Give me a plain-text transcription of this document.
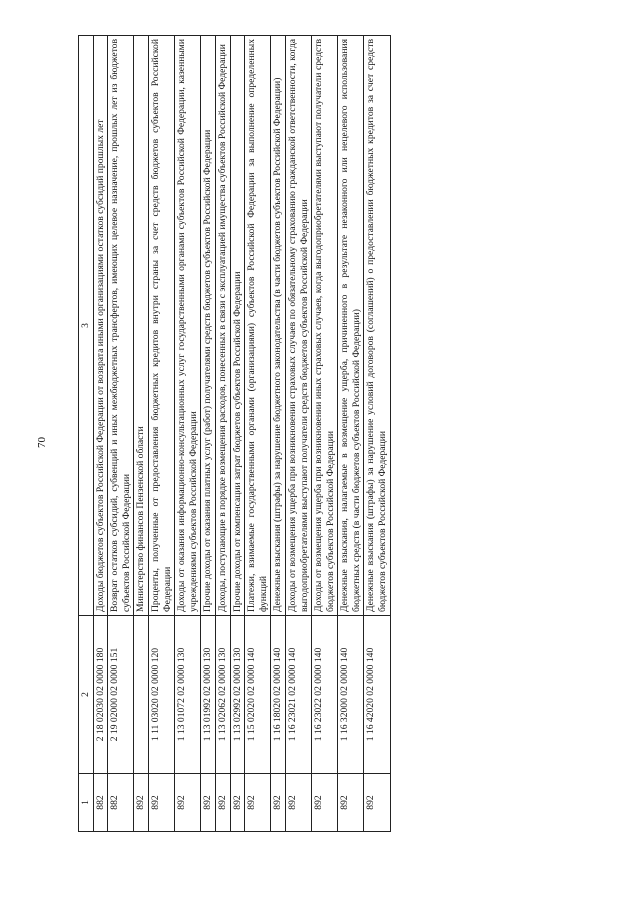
70
1	2	3
882	2 18 02030 02 0000 180	Доходы бюджетов субъектов Российской Федерации от возврата иными организациями остатков субсидий прошлых лет
882	2 19 02000 02 0000 151	Возврат остатков субсидий, субвенций и иных межбюджетных трансфертов, имеющих целевое назначение, прошлых лет из бюджетов субъектов Российской Федерации
892		Министерство финансов Пензенской области
892	1 11 03020 02 0000 120	Проценты, полученные от предоставления бюджетных кредитов внутри страны за счет средств бюджетов субъектов Российской Федерации
892	1 13 01072 02 0000 130	Доходы от оказания информационно-консультационных услуг государственными органами субъектов Российской Федерации, казенными учреждениями субъектов Российской Федерации
892	1 13 01992 02 0000 130	Прочие доходы от оказания платных услуг (работ) получателями средств бюджетов субъектов Российской Федерации
892	1 13 02062 02 0000 130	Доходы, поступающие в порядке возмещения расходов, понесенных в связи с эксплуатацией имущества субъектов Российской Федерации
892	1 13 02992 02 0000 130	Прочие доходы от компенсации затрат бюджетов субъектов Российской Федерации
892	1 15 02020 02 0000 140	Платежи, взимаемые государственными органами (организациями) субъектов Российской Федерации за выполнение определенных функций
892	1 16 18020 02 0000 140	Денежные взыскания (штрафы) за нарушение бюджетного законодательства (в части бюджетов субъектов Российской Федерации)
892	1 16 23021 02 0000 140	Доходы от возмещения ущерба при возникновении страховых случаев по обязательному страхованию гражданской ответственности, когда выгодоприобретателями выступают получатели средств бюджетов субъектов Российской Федерации
892	1 16 23022 02 0000 140	Доходы от возмещения ущерба при возникновении иных страховых случаев, когда выгодоприобретателями выступают получатели средств бюджетов субъектов Российской Федерации
892	1 16 32000 02 0000 140	Денежные взыскания, налагаемые в возмещение ущерба, причиненного в результате незаконного или нецелевого использования бюджетных средств (в части бюджетов субъектов Российской Федерации)
892	1 16 42020 02 0000 140	Денежные взыскания (штрафы) за нарушение условий договоров (соглашений) о предоставлении бюджетных кредитов за счет средств бюджетов субъектов Российской Федерации
